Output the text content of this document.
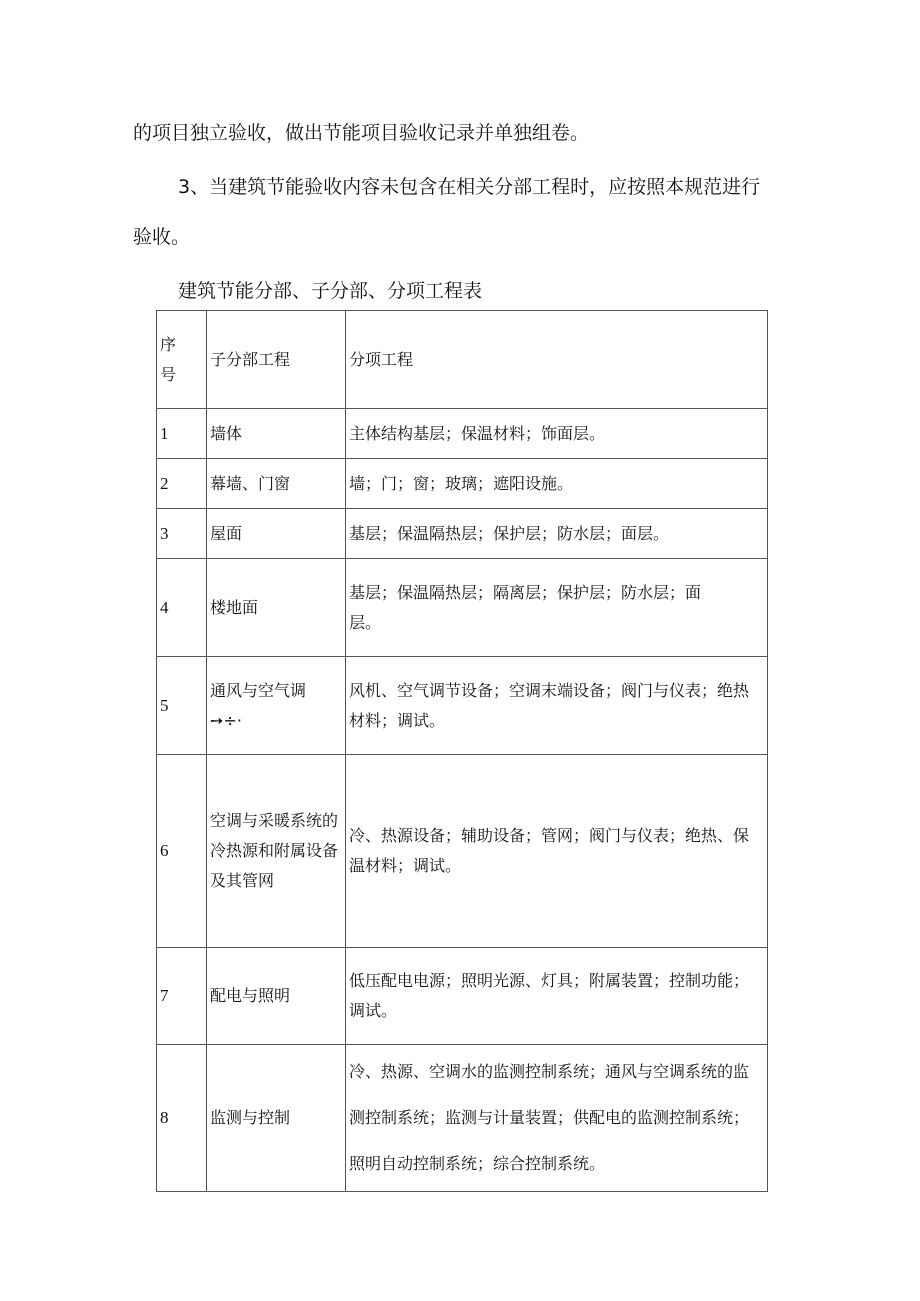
的项目独立验收，做出节能项目验收记录并单独组卷。

3、当建筑节能验收内容未包含在相关分部工程时，应按照本规范进行

验收。

建筑节能分部、子分部、分项工程表

序
号	子分部工程	分项工程
1	墙体	主体结构基层；保温材料；饰面层。

2	幕墙、门窗	墙；门；窗；玻璃；遮阳设施。

3	屋面	基层；保温隔热层；保护层；防水层；面层。

4	楼地面	基层；保温隔热层；隔离层；保护层；防水层；面
层。

5	通风与空气调
➙÷·	风机、空气调节设备；空调末端设备；阀门与仪表；绝热
材料；调试。

6	空调与采暖系统的
冷热源和附属设备
及其管网	冷、热源设备；辅助设备；管网；阀门与仪表；绝热、保
温材料；调试。

7	配电与照明	低压配电电源；照明光源、灯具；附属装置；控制功能；
调试。

8	监测与控制	冷、热源、空调水的监测控制系统；通风与空调系统的监
测控制系统；监测与计量装置；供配电的监测控制系统；
照明自动控制系统；综合控制系统。
